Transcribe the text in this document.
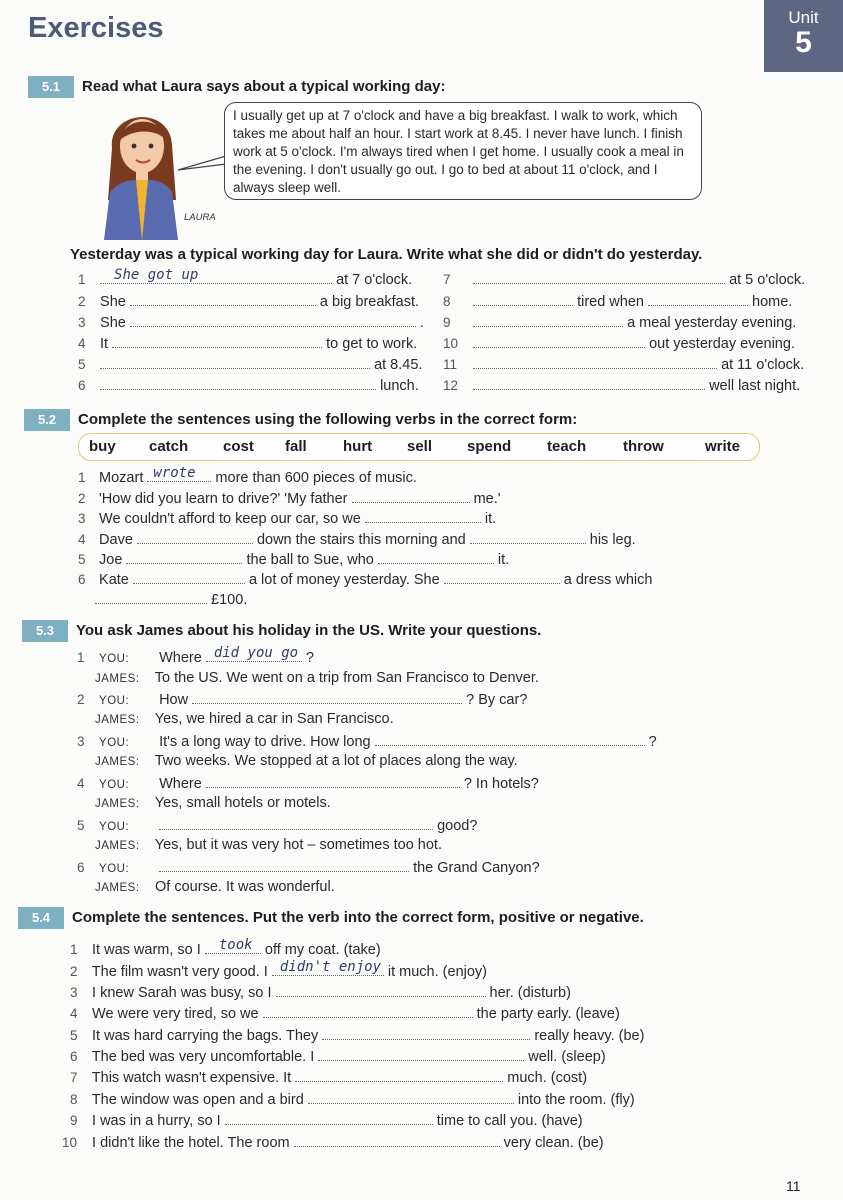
Exercises	Unit
5
5.1	Read what Laura says about a typical working day:
LAURA
I usually get up at 7 o'clock and have a big breakfast. I walk to work, which takes me about half an hour. I start work at 8.45. I never have lunch. I finish work at 5 o'clock. I'm always tired when I get home. I usually cook a meal in the evening. I don't usually go out. I go to bed at about 11 o'clock, and I always sleep well.
Yesterday was a typical working day for Laura. Write what she did or didn't do yesterday.
1 She got up	at 7 o'clock.
2 She	a big breakfast.
3 She	.
4 It	to get to work.
5	at 8.45.
6	lunch.
7	at 5 o'clock.
8	tired when	home.
9	a meal yesterday evening.
10	out yesterday evening.
11	at 11 o'clock.
12	well last night.
5.2	Complete the sentences using the following verbs in the correct form:
buy catch cost fall hurt sell spend teach throw	write
1 Mozart wrote more than 600 pieces of music.
2 'How did you learn to drive?' 'My father	me.'
3 We couldn't afford to keep our car, so we	it.
4 Dave	down the stairs this morning and	his leg.
5 Joe	the ball to Sue, who	it.
6 Kate	a lot of money yesterday. She	a dress which
£100.
5.3	You ask James about his holiday in the US. Write your questions.
1 YOU: Where did you go ?
JAMES: To the US. We went on a trip from San Francisco to Denver.
2 YOU: How	? By car?
JAMES: Yes, we hired a car in San Francisco.
3 YOU: It's a long way to drive. How long	?
JAMES: Two weeks. We stopped at a lot of places along the way.
4 YOU: Where	? In hotels?
JAMES: Yes, small hotels or motels.
5 YOU:	good?
JAMES: Yes, but it was very hot – sometimes too hot.
6 YOU:	the Grand Canyon?
JAMES: Of course. It was wonderful.
5.4	Complete the sentences. Put the verb into the correct form, positive or negative.
1 It was warm, so I took off my coat. (take)
2 The film wasn't very good. I didn't enjoy it much. (enjoy)
3 I knew Sarah was busy, so I	her. (disturb)
4 We were very tired, so we	the party early. (leave)
5 It was hard carrying the bags. They	really heavy. (be)
6 The bed was very uncomfortable. I	well. (sleep)
7 This watch wasn't expensive. It	much. (cost)
8 The window was open and a bird	into the room. (fly)
9 I was in a hurry, so I	time to call you. (have)
10 I didn't like the hotel. The room	very clean. (be)
11
